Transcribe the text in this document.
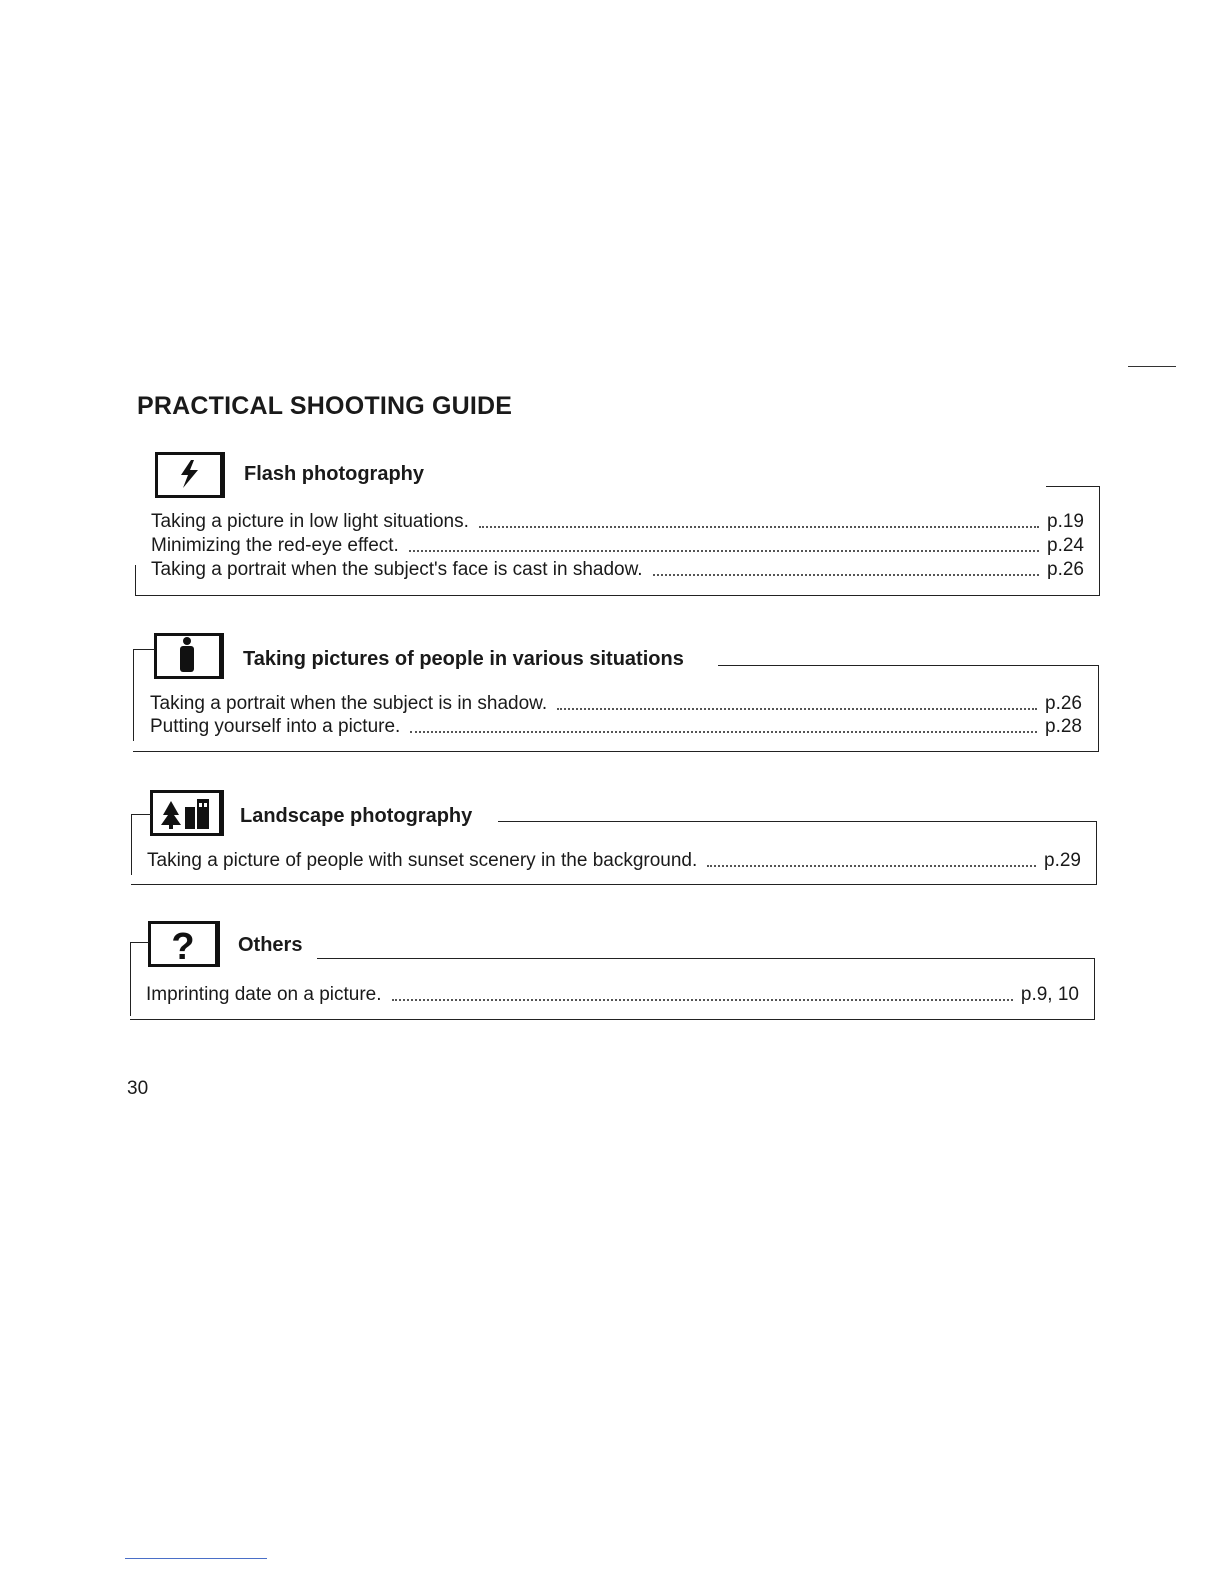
PRACTICAL SHOOTING GUIDE
Flash photography
Taking a picture in low light situations.	p.19
Minimizing the red-eye effect.	p.24
Taking a portrait when the subject's face is cast in shadow.	p.26
Taking pictures of people in various situations
Taking a portrait when the subject is in shadow.	p.26
Putting yourself into a picture.	p.28
Landscape photography
Taking a picture of people with sunset scenery in the background.	p.29
? Others
Imprinting date on a picture.	p.9, 10
30
